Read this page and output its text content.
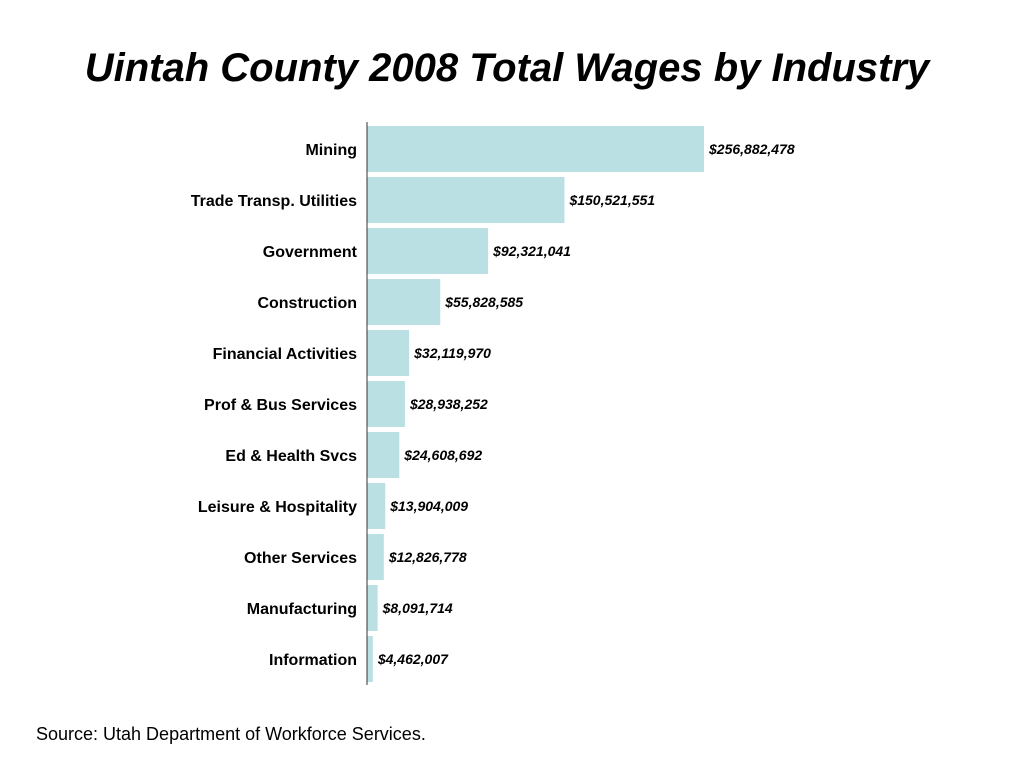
Uintah County 2008 Total Wages by Industry
Mining
Trade Transp. Utilities
Government
Construction
Financial Activities
Prof & Bus Services
Ed & Health Svcs
Leisure & Hospitality
Other Services
Manufacturing
Information
$256,882,478
$150,521,551
$92,321,041
$55,828,585
$32,119,970
$28,938,252
$24,608,692
$13,904,009
$12,826,778
$8,091,714
$4,462,007
Source: Utah Department of Workforce Services.
